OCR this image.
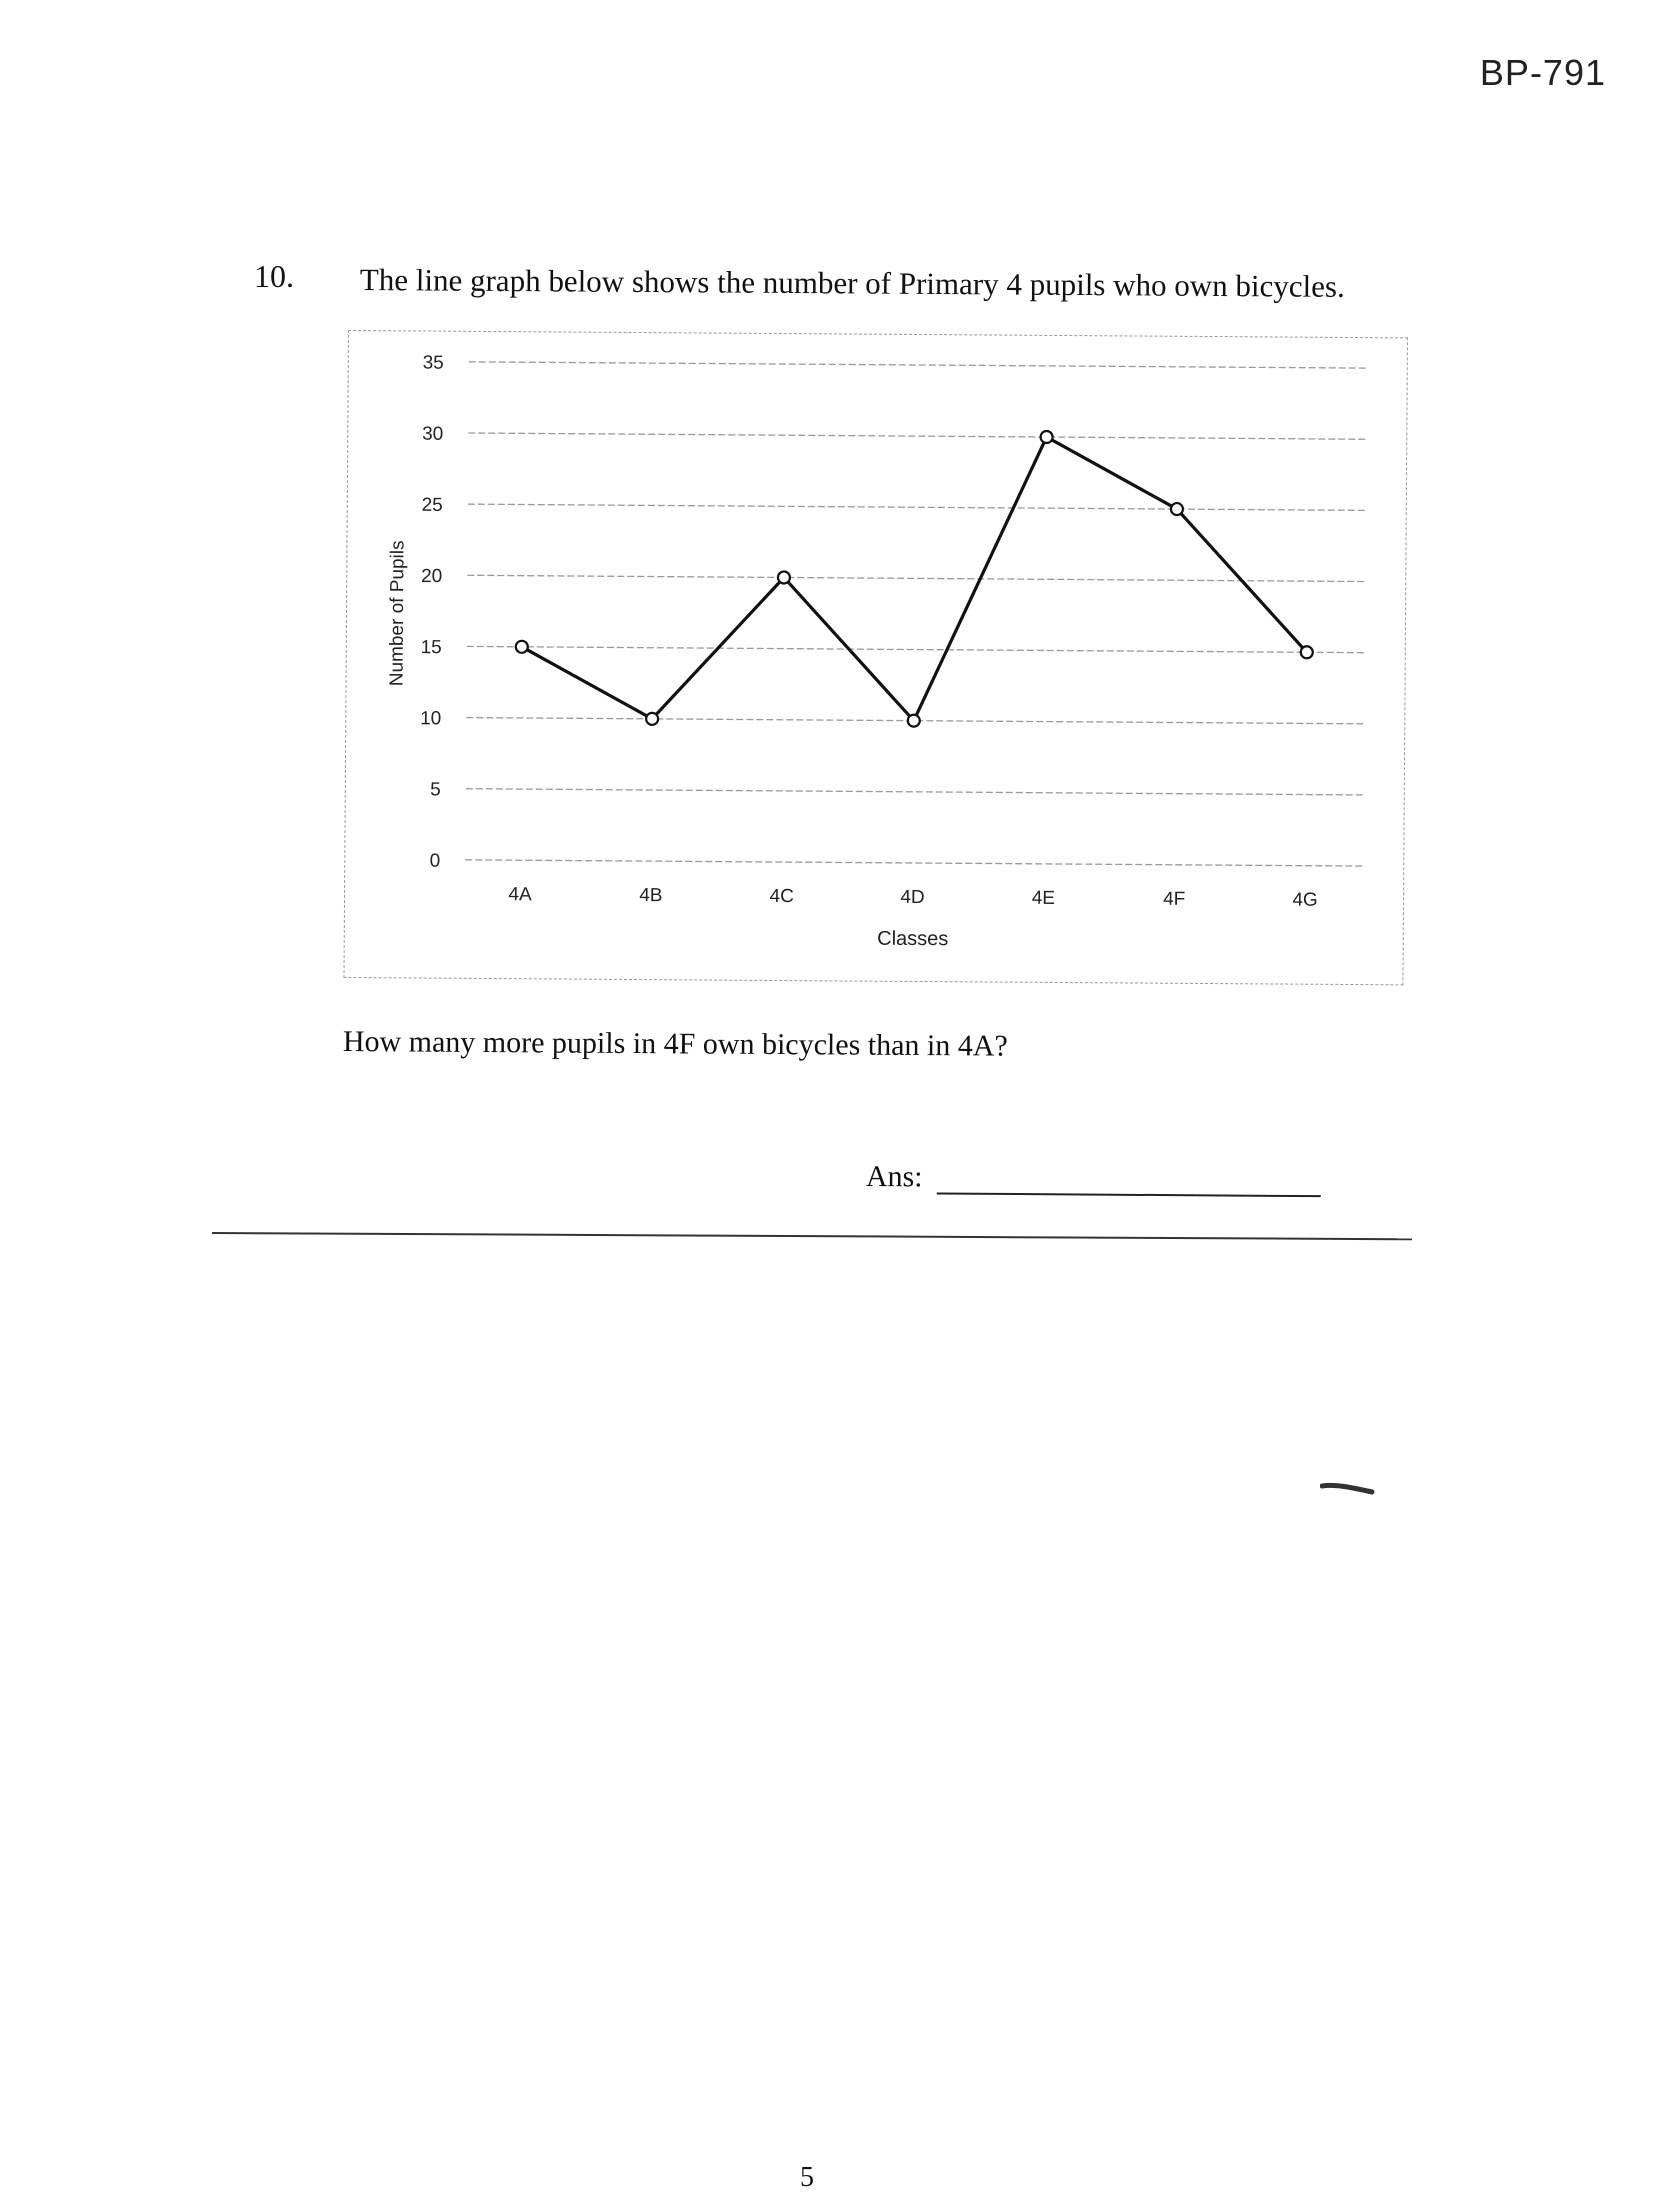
BP-791
10. The line graph below shows the number of Primary 4 pupils who own bicycles.
0
5
10
15
20
25
30
35
4A	4B	4C	4D	4E	4F	4G
Number of Pupils
Classes
How many more pupils in 4F own bicycles than in 4A?
Ans:
5
